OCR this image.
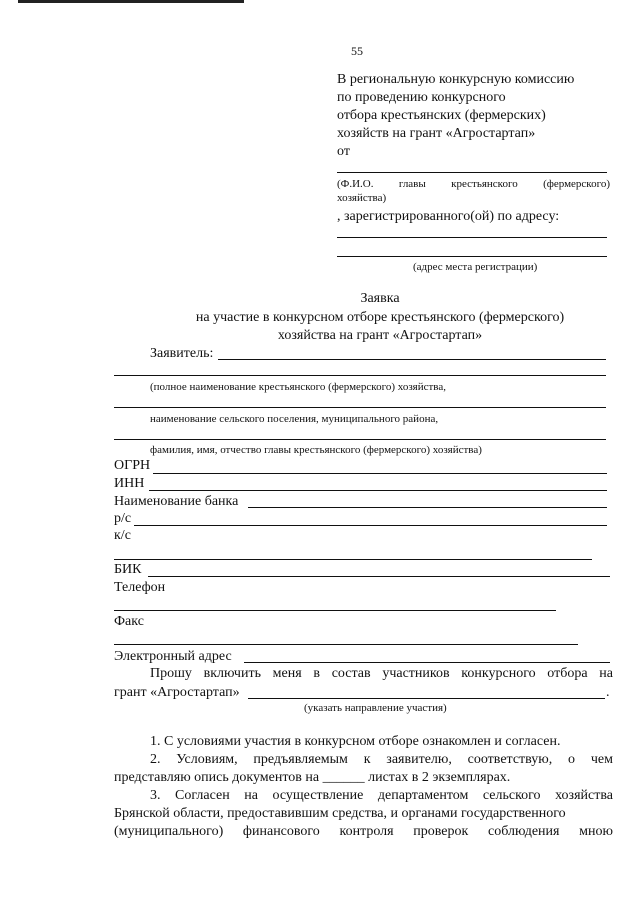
55
В региональную конкурсную комиссию
по проведению конкурсного
отбора крестьянских (фермерских)
хозяйств на грант «Агростартап»
от
(Ф.И.О. главы крестьянского (фермерского)
хозяйства)
, зарегистрированного(ой) по адресу:
(адрес места регистрации)
Заявка
на участие в конкурсном отборе крестьянского (фермерского)
хозяйства на грант «Агростартап»
Заявитель:
(полное наименование крестьянского (фермерского) хозяйства,
наименование сельского поселения, муниципального района,
фамилия, имя, отчество главы крестьянского (фермерского) хозяйства)
ОГРН
ИНН
Наименование банка
р/с
к/с
БИК
Телефон
Факс
Электронный адрес
Прошу включить меня в состав участников конкурсного отбора на
грант «Агростартап»	.
(указать направление участия)
1. С условиями участия в конкурсном отборе ознакомлен и согласен.
2. Условиям, предъявляемым к заявителю, соответствую, о чем
представляю опись документов на ______ листах в 2 экземплярах.
3. Согласен на осуществление департаментом сельского хозяйства
Брянской области, предоставившим средства, и органами государственного
(муниципального) финансового контроля проверок соблюдения мною
